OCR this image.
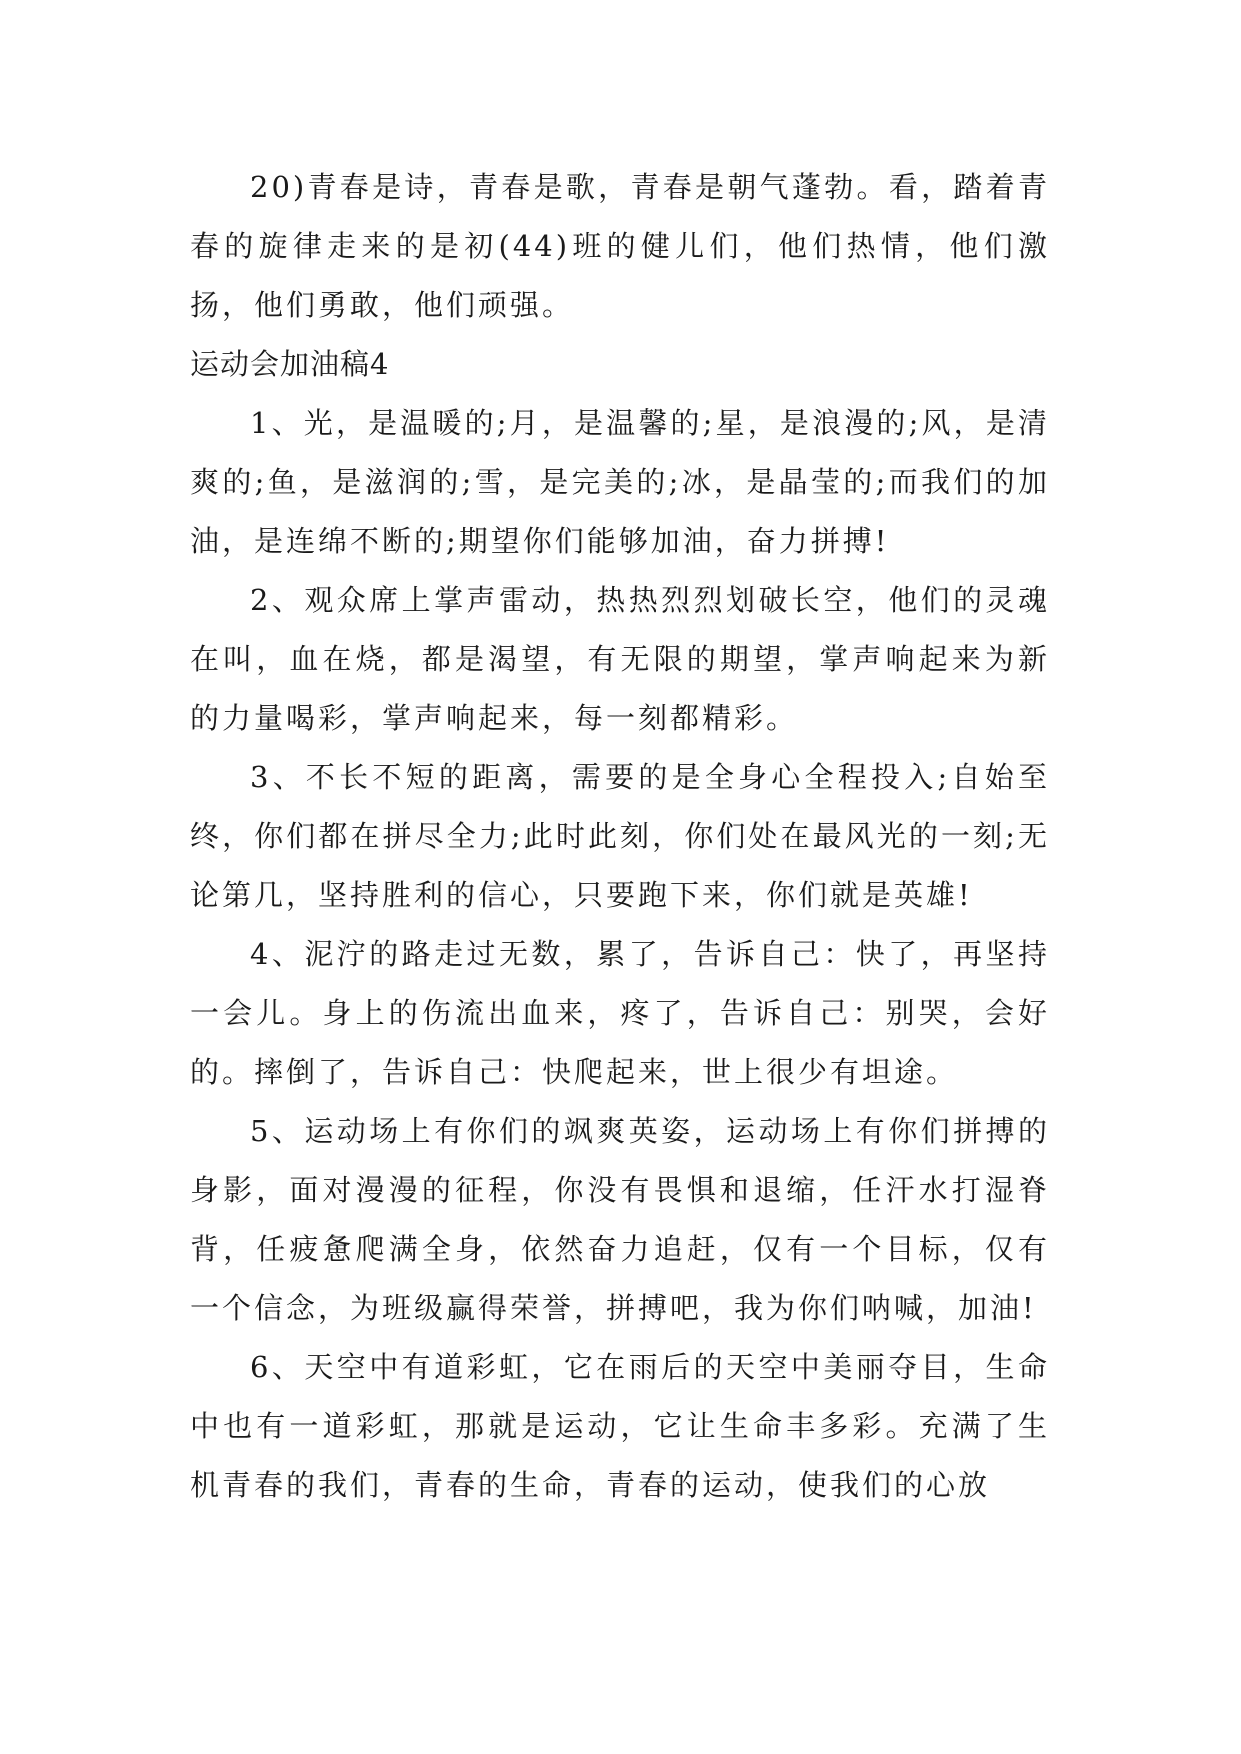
20)青春是诗，青春是歌，青春是朝气蓬勃。看，踏着青春的旋律走来的是初(44)班的健儿们，他们热情，他们激扬，他们勇敢，他们顽强。

运动会加油稿4

1、光，是温暖的;月，是温馨的;星，是浪漫的;风，是清爽的;鱼，是滋润的;雪，是完美的;冰，是晶莹的;而我们的加油，是连绵不断的;期望你们能够加油，奋力拼搏!

2、观众席上掌声雷动，热热烈烈划破长空，他们的灵魂在叫，血在烧，都是渴望，有无限的期望，掌声响起来为新的力量喝彩，掌声响起来，每一刻都精彩。

3、不长不短的距离，需要的是全身心全程投入;自始至终，你们都在拼尽全力;此时此刻，你们处在最风光的一刻;无论第几，坚持胜利的信心，只要跑下来，你们就是英雄!

4、泥泞的路走过无数，累了，告诉自己：快了，再坚持一会儿。身上的伤流出血来，疼了，告诉自己：别哭，会好的。摔倒了，告诉自己：快爬起来，世上很少有坦途。

5、运动场上有你们的飒爽英姿，运动场上有你们拼搏的身影，面对漫漫的征程，你没有畏惧和退缩，任汗水打湿脊背，任疲惫爬满全身，依然奋力追赶，仅有一个目标，仅有一个信念，为班级赢得荣誉，拼搏吧，我为你们呐喊，加油!

6、天空中有道彩虹，它在雨后的天空中美丽夺目，生命中也有一道彩虹，那就是运动，它让生命丰多彩。充满了生机青春的我们，青春的生命，青春的运动，使我们的心放
